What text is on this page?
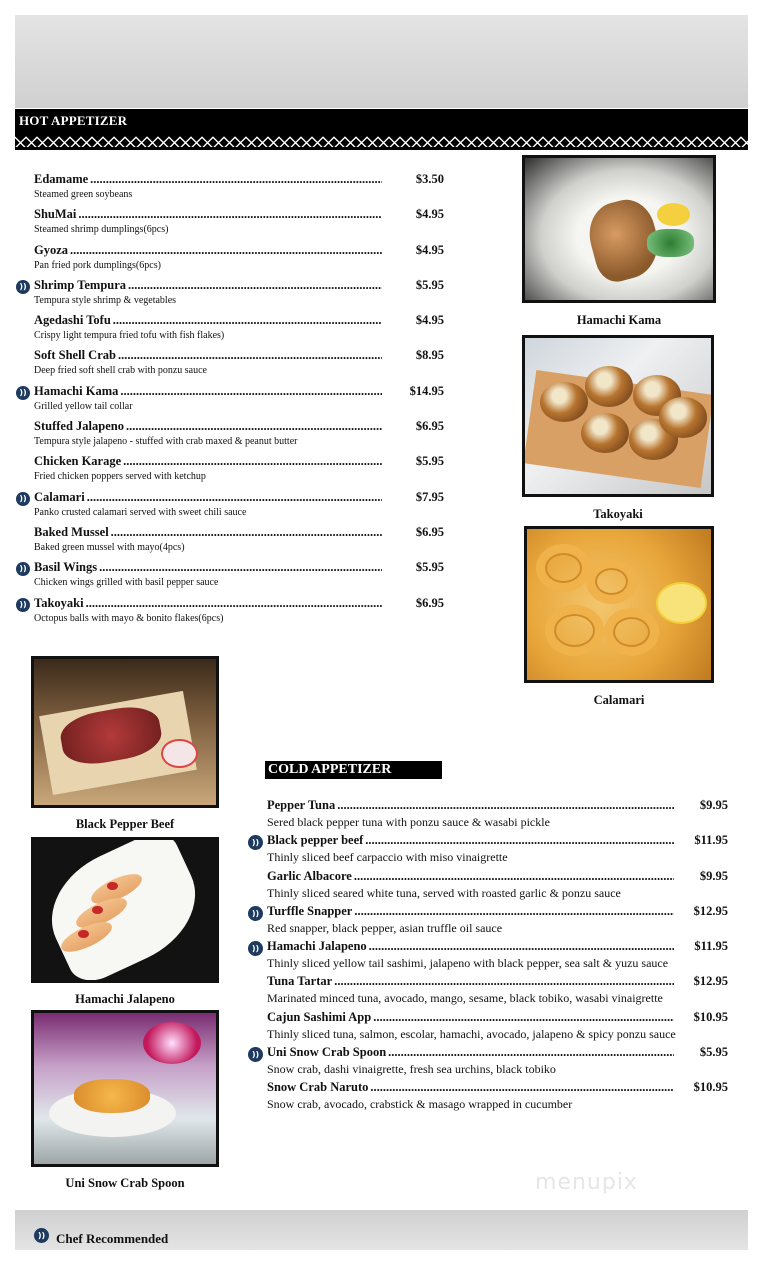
HOT APPETIZER
Edamame .....	$3.50
Steamed green soybeans
ShuMai .....	$4.95
Steamed shrimp dumplings(6pcs)
Gyoza .....	$4.95
Pan fried pork dumplings(6pcs)
)) Shrimp Tempura .....	$5.95
Tempura style shrimp & vegetables
Agedashi Tofu .....	$4.95
Crispy light tempura fried tofu with fish flakes)
Soft Shell Crab .....	$8.95
Deep fried soft shell crab with ponzu sauce
)) Hamachi Kama .....	$14.95
Grilled yellow tail collar
Stuffed Jalapeno .....	$6.95
Tempura style jalapeno - stuffed with crab maxed & peanut butter
Chicken Karage .....	$5.95
Fried chicken poppers served with ketchup
)) Calamari .....	$7.95
Panko crusted calamari served with sweet chili sauce
Baked Mussel .....	$6.95
Baked green mussel with mayo(4pcs)
)) Basil Wings .....	$5.95
Chicken wings grilled with basil pepper sauce
)) Takoyaki .....	$6.95
Octopus balls with mayo & bonito flakes(6pcs)
Hamachi Kama
Takoyaki
Calamari
Black Pepper Beef
Hamachi Jalapeno
Uni Snow Crab Spoon
COLD APPETIZER
Pepper Tuna .....	$9.95
Sered black pepper tuna with ponzu sauce & wasabi pickle
)) Black pepper beef .....	$11.95
Thinly sliced beef carpaccio with miso vinaigrette
Garlic Albacore .....	$9.95
Thinly sliced seared white tuna, served with roasted garlic & ponzu sauce
)) Turffle Snapper .....	$12.95
Red snapper, black pepper, asian truffle oil sauce
)) Hamachi Jalapeno .....	$11.95
Thinly sliced yellow tail sashimi, jalapeno with black pepper, sea salt & yuzu sauce
Tuna Tartar .....	$12.95
Marinated minced tuna, avocado, mango, sesame, black tobiko, wasabi vinaigrette
Cajun Sashimi App .....	$10.95
Thinly sliced tuna, salmon, escolar, hamachi, avocado, jalapeno & spicy ponzu sauce
)) Uni Snow Crab Spoon .....	$5.95
Snow crab, dashi vinaigrette, fresh sea urchins, black tobiko
Snow Crab Naruto .....	$10.95
Snow crab, avocado, crabstick & masago wrapped in cucumber
menupix
)) Chef Recommended
